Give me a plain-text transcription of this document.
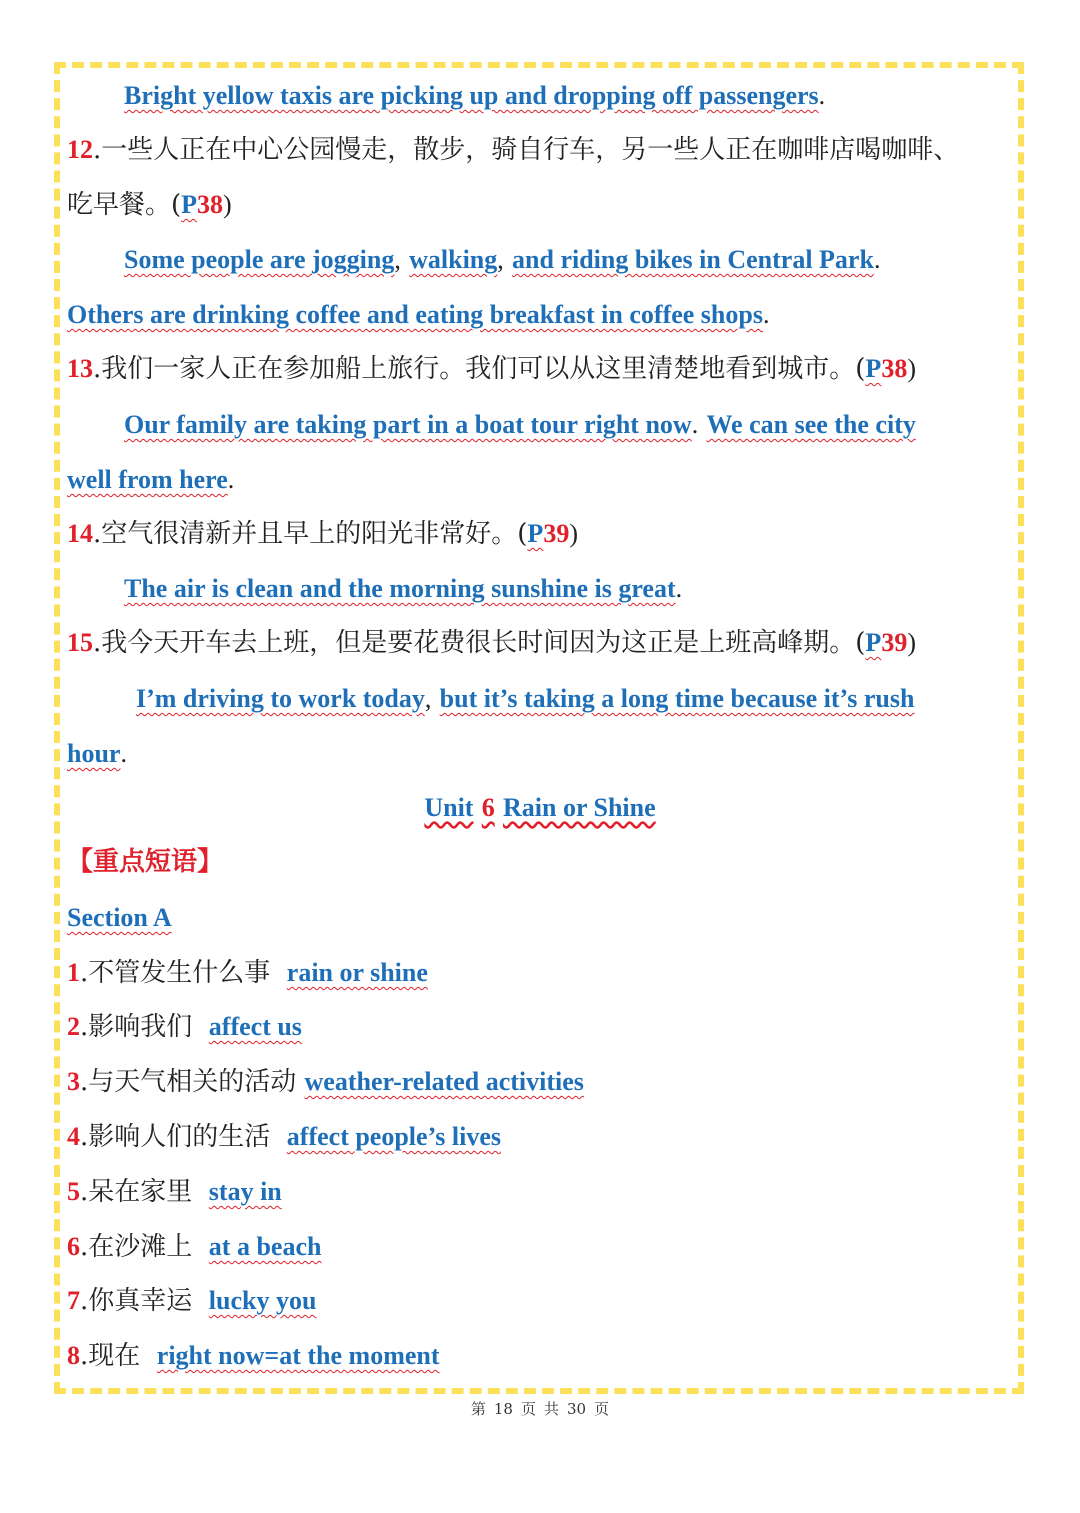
Bright yellow taxis are picking up and dropping off passengers.
12.一些人正在中心公园慢走，散步，骑自行车，另一些人正在咖啡店喝咖啡、
吃早餐。(P38)
Some people are jogging, walking, and riding bikes in Central Park.
Others are drinking coffee and eating breakfast in coffee shops.
13.我们一家人正在参加船上旅行。我们可以从这里清楚地看到城市。(P38)
Our family are taking part in a boat tour right now. We can see the city
well from here.
14.空气很清新并且早上的阳光非常好。(P39)
The air is clean and the morning sunshine is great.
15.我今天开车去上班，但是要花费很长时间因为这正是上班高峰期。(P39)
I’m driving to work today, but it’s taking a long time because it’s rush
hour.
Unit 6 Rain or Shine
【重点短语】
Section A
1.不管发生什么事 rain or shine
2.影响我们 affect us
3.与天气相关的活动 weather-related activities
4.影响人们的生活 affect people’s lives
5.呆在家里 stay in
6.在沙滩上 at a beach
7.你真幸运 lucky you
8.现在 right now=at the moment
第 18 页 共 30 页
